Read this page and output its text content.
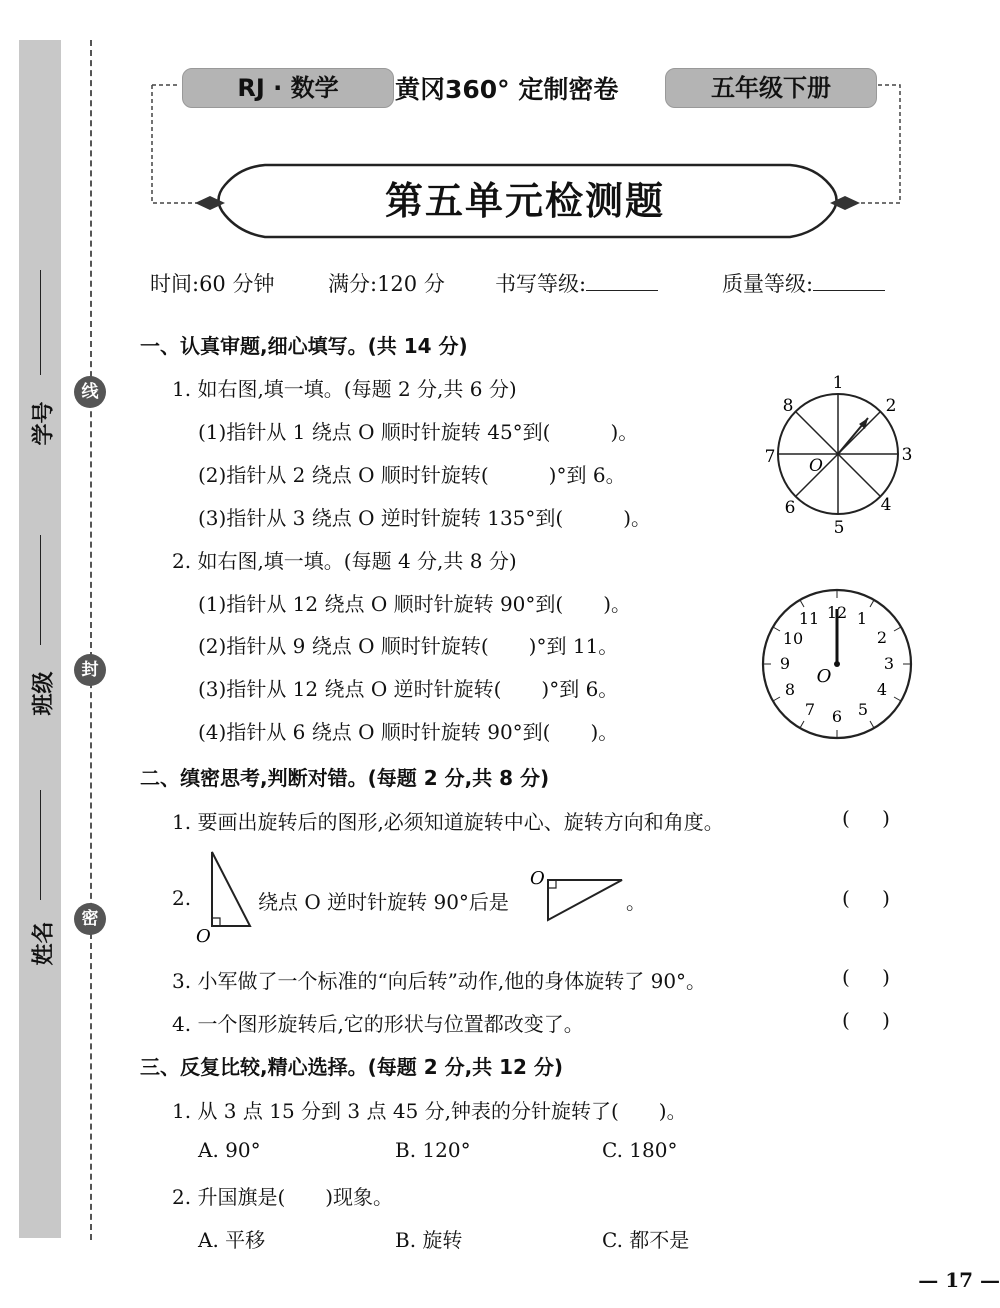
学号
班级
姓名
线
封
密
RJ · 数学	黄冈360° 定制密卷	五年级下册
第五单元检测题
时间:60 分钟	满分:120 分 书写等级:	质量等级:
一、认真审题,细心填写。(共 14 分)
1. 如右图,填一填。(每题 2 分,共 6 分)
(1)指针从 1 绕点 O 顺时针旋转 45°到(　　　)。
(2)指针从 2 绕点 O 顺时针旋转(　　　)°到 6。
(3)指针从 3 绕点 O 逆时针旋转 135°到(　　　)。
2. 如右图,填一填。(每题 4 分,共 8 分)
(1)指针从 12 绕点 O 顺时针旋转 90°到(　　)。
(2)指针从 9 绕点 O 顺时针旋转(　　)°到 11。
(3)指针从 12 绕点 O 逆时针旋转(　　)°到 6。
(4)指针从 6 绕点 O 顺时针旋转 90°到(　　)。
1
2
3
4
5
6
7
8
O
12 1
2
3
4
5
6
7
8
9
10
11
O
二、缜密思考,判断对错。(每题 2 分,共 8 分)
1. 要画出旋转后的图形,必须知道旋转中心、旋转方向和角度。	( )
2.
O
绕点 O 逆时针旋转 90°后是
O
。	( )
3. 小军做了一个标准的“向后转”动作,他的身体旋转了 90°。	( )
4. 一个图形旋转后,它的形状与位置都改变了。	( )
三、反复比较,精心选择。(每题 2 分,共 12 分)
1. 从 3 点 15 分到 3 点 45 分,钟表的分针旋转了(　　)。
A. 90°	B. 120°	C. 180°
2. 升国旗是(　　)现象。
A. 平移	B. 旋转	C. 都不是
— 17 —
